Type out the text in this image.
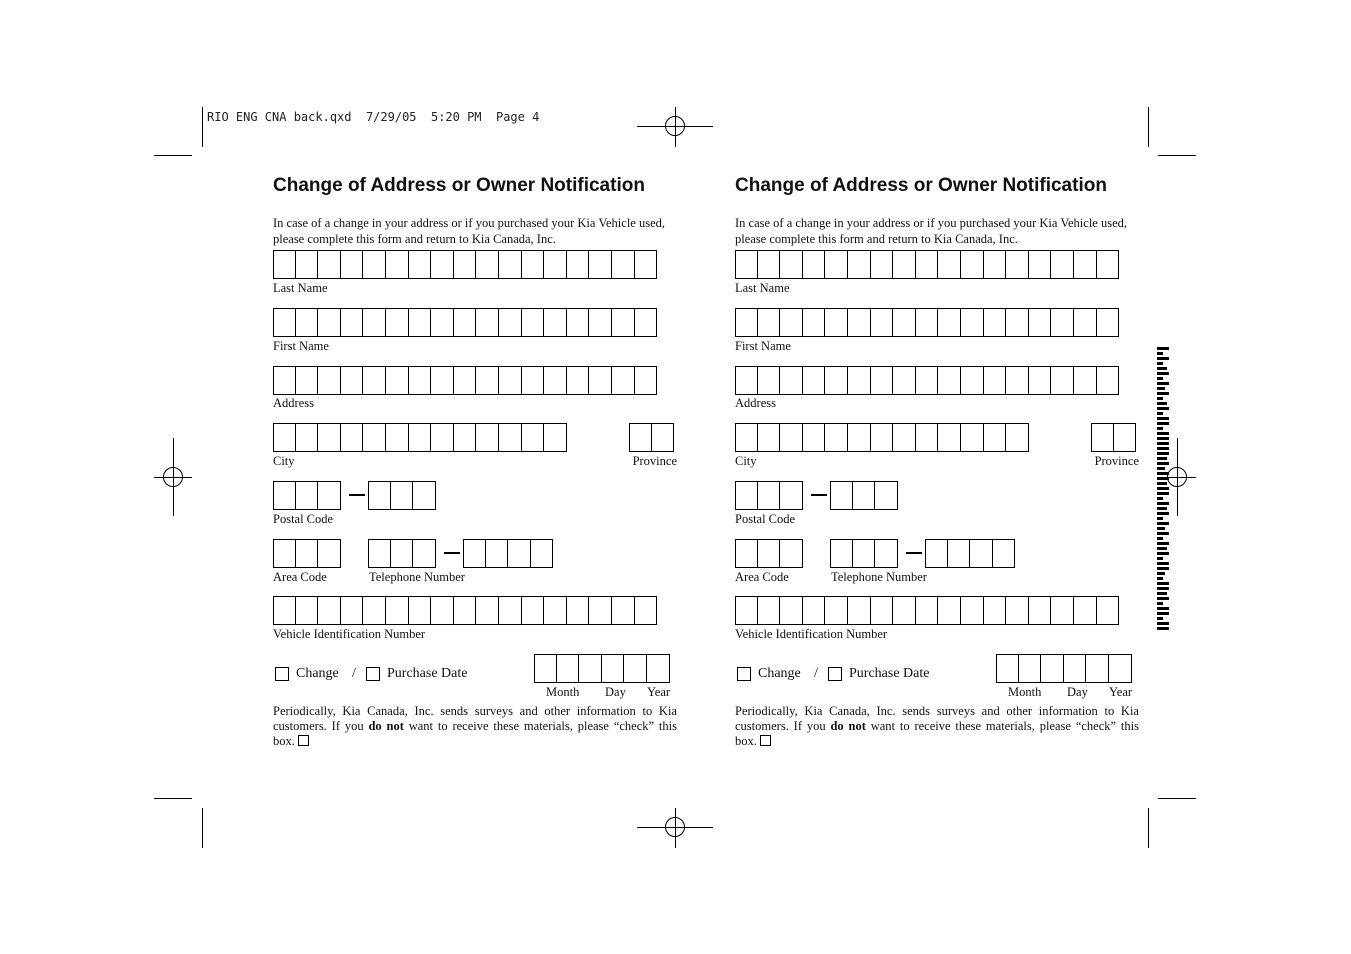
RIO ENG CNA back.qxd  7/29/05  5:20 PM  Page 4
Change of Address or Owner Notification
In case of a change in your address or if you purchased your Kia Vehicle used, please complete this form and return to Kia Canada, Inc.
Last Name
First Name
Address
City	Province
Postal Code
Area Code	Telephone Number
Vehicle Identification Number
Change / Purchase Date
Month Day Year
Periodically, Kia Canada, Inc. sends surveys and other information to Kia customers. If you do not want to receive these materials, please “check” this box.
Change of Address or Owner Notification
In case of a change in your address or if you purchased your Kia Vehicle used, please complete this form and return to Kia Canada, Inc.
Last Name
First Name
Address
City	Province
Postal Code
Area Code	Telephone Number
Vehicle Identification Number
Change / Purchase Date
Month Day Year
Periodically, Kia Canada, Inc. sends surveys and other information to Kia customers. If you do not want to receive these materials, please “check” this box.
